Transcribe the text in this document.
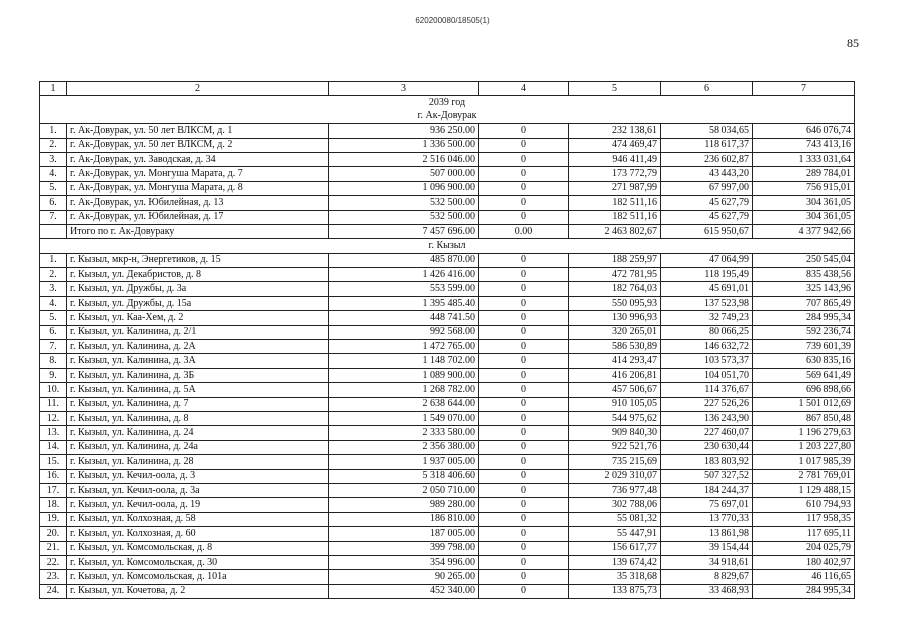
620200080/18505(1)
85
1	2	3	4	5	6	7
2039 год						
г. Ак-Довурак						
1.	г. Ак-Довурак, ул. 50 лет ВЛКСМ, д. 1	936 250.00	0	232 138,61	58 034,65	646 076,74
2.	г. Ак-Довурак, ул. 50 лет ВЛКСМ, д. 2	1 336 500.00	0	474 469,47	118 617,37	743 413,16
3.	г. Ак-Довурак, ул. Заводская, д. 34	2 516 046.00	0	946 411,49	236 602,87	1 333 031,64
4.	г. Ак-Довурак, ул. Монгуша Марата, д. 7	507 000.00	0	173 772,79	43 443,20	289 784,01
5.	г. Ак-Довурак, ул. Монгуша Марата, д. 8	1 096 900.00	0	271 987,99	67 997,00	756 915,01
6.	г. Ак-Довурак, ул. Юбилейная, д. 13	532 500.00	0	182 511,16	45 627,79	304 361,05
7.	г. Ак-Довурак, ул. Юбилейная, д. 17	532 500.00	0	182 511,16	45 627,79	304 361,05
	Итого по г. Ак-Довураку	7 457 696.00	0.00	2 463 802,67	615 950,67	4 377 942,66
г. Кызыл						
1.	г. Кызыл, мкр-н, Энергетиков, д. 15	485 870.00	0	188 259,97	47 064,99	250 545,04
2.	г. Кызыл, ул. Декабристов, д. 8	1 426 416.00	0	472 781,95	118 195,49	835 438,56
3.	г. Кызыл, ул. Дружбы, д. 3а	553 599.00	0	182 764,03	45 691,01	325 143,96
4.	г. Кызыл, ул. Дружбы, д. 15а	1 395 485.40	0	550 095,93	137 523,98	707 865,49
5.	г. Кызыл, ул. Каа-Хем, д. 2	448 741.50	0	130 996,93	32 749,23	284 995,34
6.	г. Кызыл, ул. Калинина, д. 2/1	992 568.00	0	320 265,01	80 066,25	592 236,74
7.	г. Кызыл, ул. Калинина, д. 2А	1 472 765.00	0	586 530,89	146 632,72	739 601,39
8.	г. Кызыл, ул. Калинина, д. 3А	1 148 702.00	0	414 293,47	103 573,37	630 835,16
9.	г. Кызыл, ул. Калинина, д. 3Б	1 089 900.00	0	416 206,81	104 051,70	569 641,49
10.	г. Кызыл, ул. Калинина, д. 5А	1 268 782.00	0	457 506,67	114 376,67	696 898,66
11.	г. Кызыл, ул. Калинина, д. 7	2 638 644.00	0	910 105,05	227 526,26	1 501 012,69
12.	г. Кызыл, ул. Калинина, д. 8	1 549 070.00	0	544 975,62	136 243,90	867 850,48
13.	г. Кызыл, ул. Калинина, д. 24	2 333 580.00	0	909 840,30	227 460,07	1 196 279,63
14.	г. Кызыл, ул. Калинина, д. 24а	2 356 380.00	0	922 521,76	230 630,44	1 203 227,80
15.	г. Кызыл, ул. Калинина, д. 28	1 937 005.00	0	735 215,69	183 803,92	1 017 985,39
16.	г. Кызыл, ул. Кечил-оола, д. 3	5 318 406.60	0	2 029 310,07	507 327,52	2 781 769,01
17.	г. Кызыл, ул. Кечил-оола, д. 3а	2 050 710.00	0	736 977,48	184 244,37	1 129 488,15
18.	г. Кызыл, ул. Кечил-оола, д. 19	989 280.00	0	302 788,06	75 697,01	610 794,93
19.	г. Кызыл, ул. Колхозная, д. 58	186 810.00	0	55 081,32	13 770,33	117 958,35
20.	г. Кызыл, ул. Колхозная, д. 60	187 005.00	0	55 447,91	13 861,98	117 695,11
21.	г. Кызыл, ул. Комсомольская, д. 8	399 798.00	0	156 617,77	39 154,44	204 025,79
22.	г. Кызыл, ул. Комсомольская, д. 30	354 996.00	0	139 674,42	34 918,61	180 402,97
23.	г. Кызыл, ул. Комсомольская, д. 101а	90 265.00	0	35 318,68	8 829,67	46 116,65
24.	г. Кызыл, ул. Кочетова, д. 2	452 340.00	0	133 875,73	33 468,93	284 995,34
